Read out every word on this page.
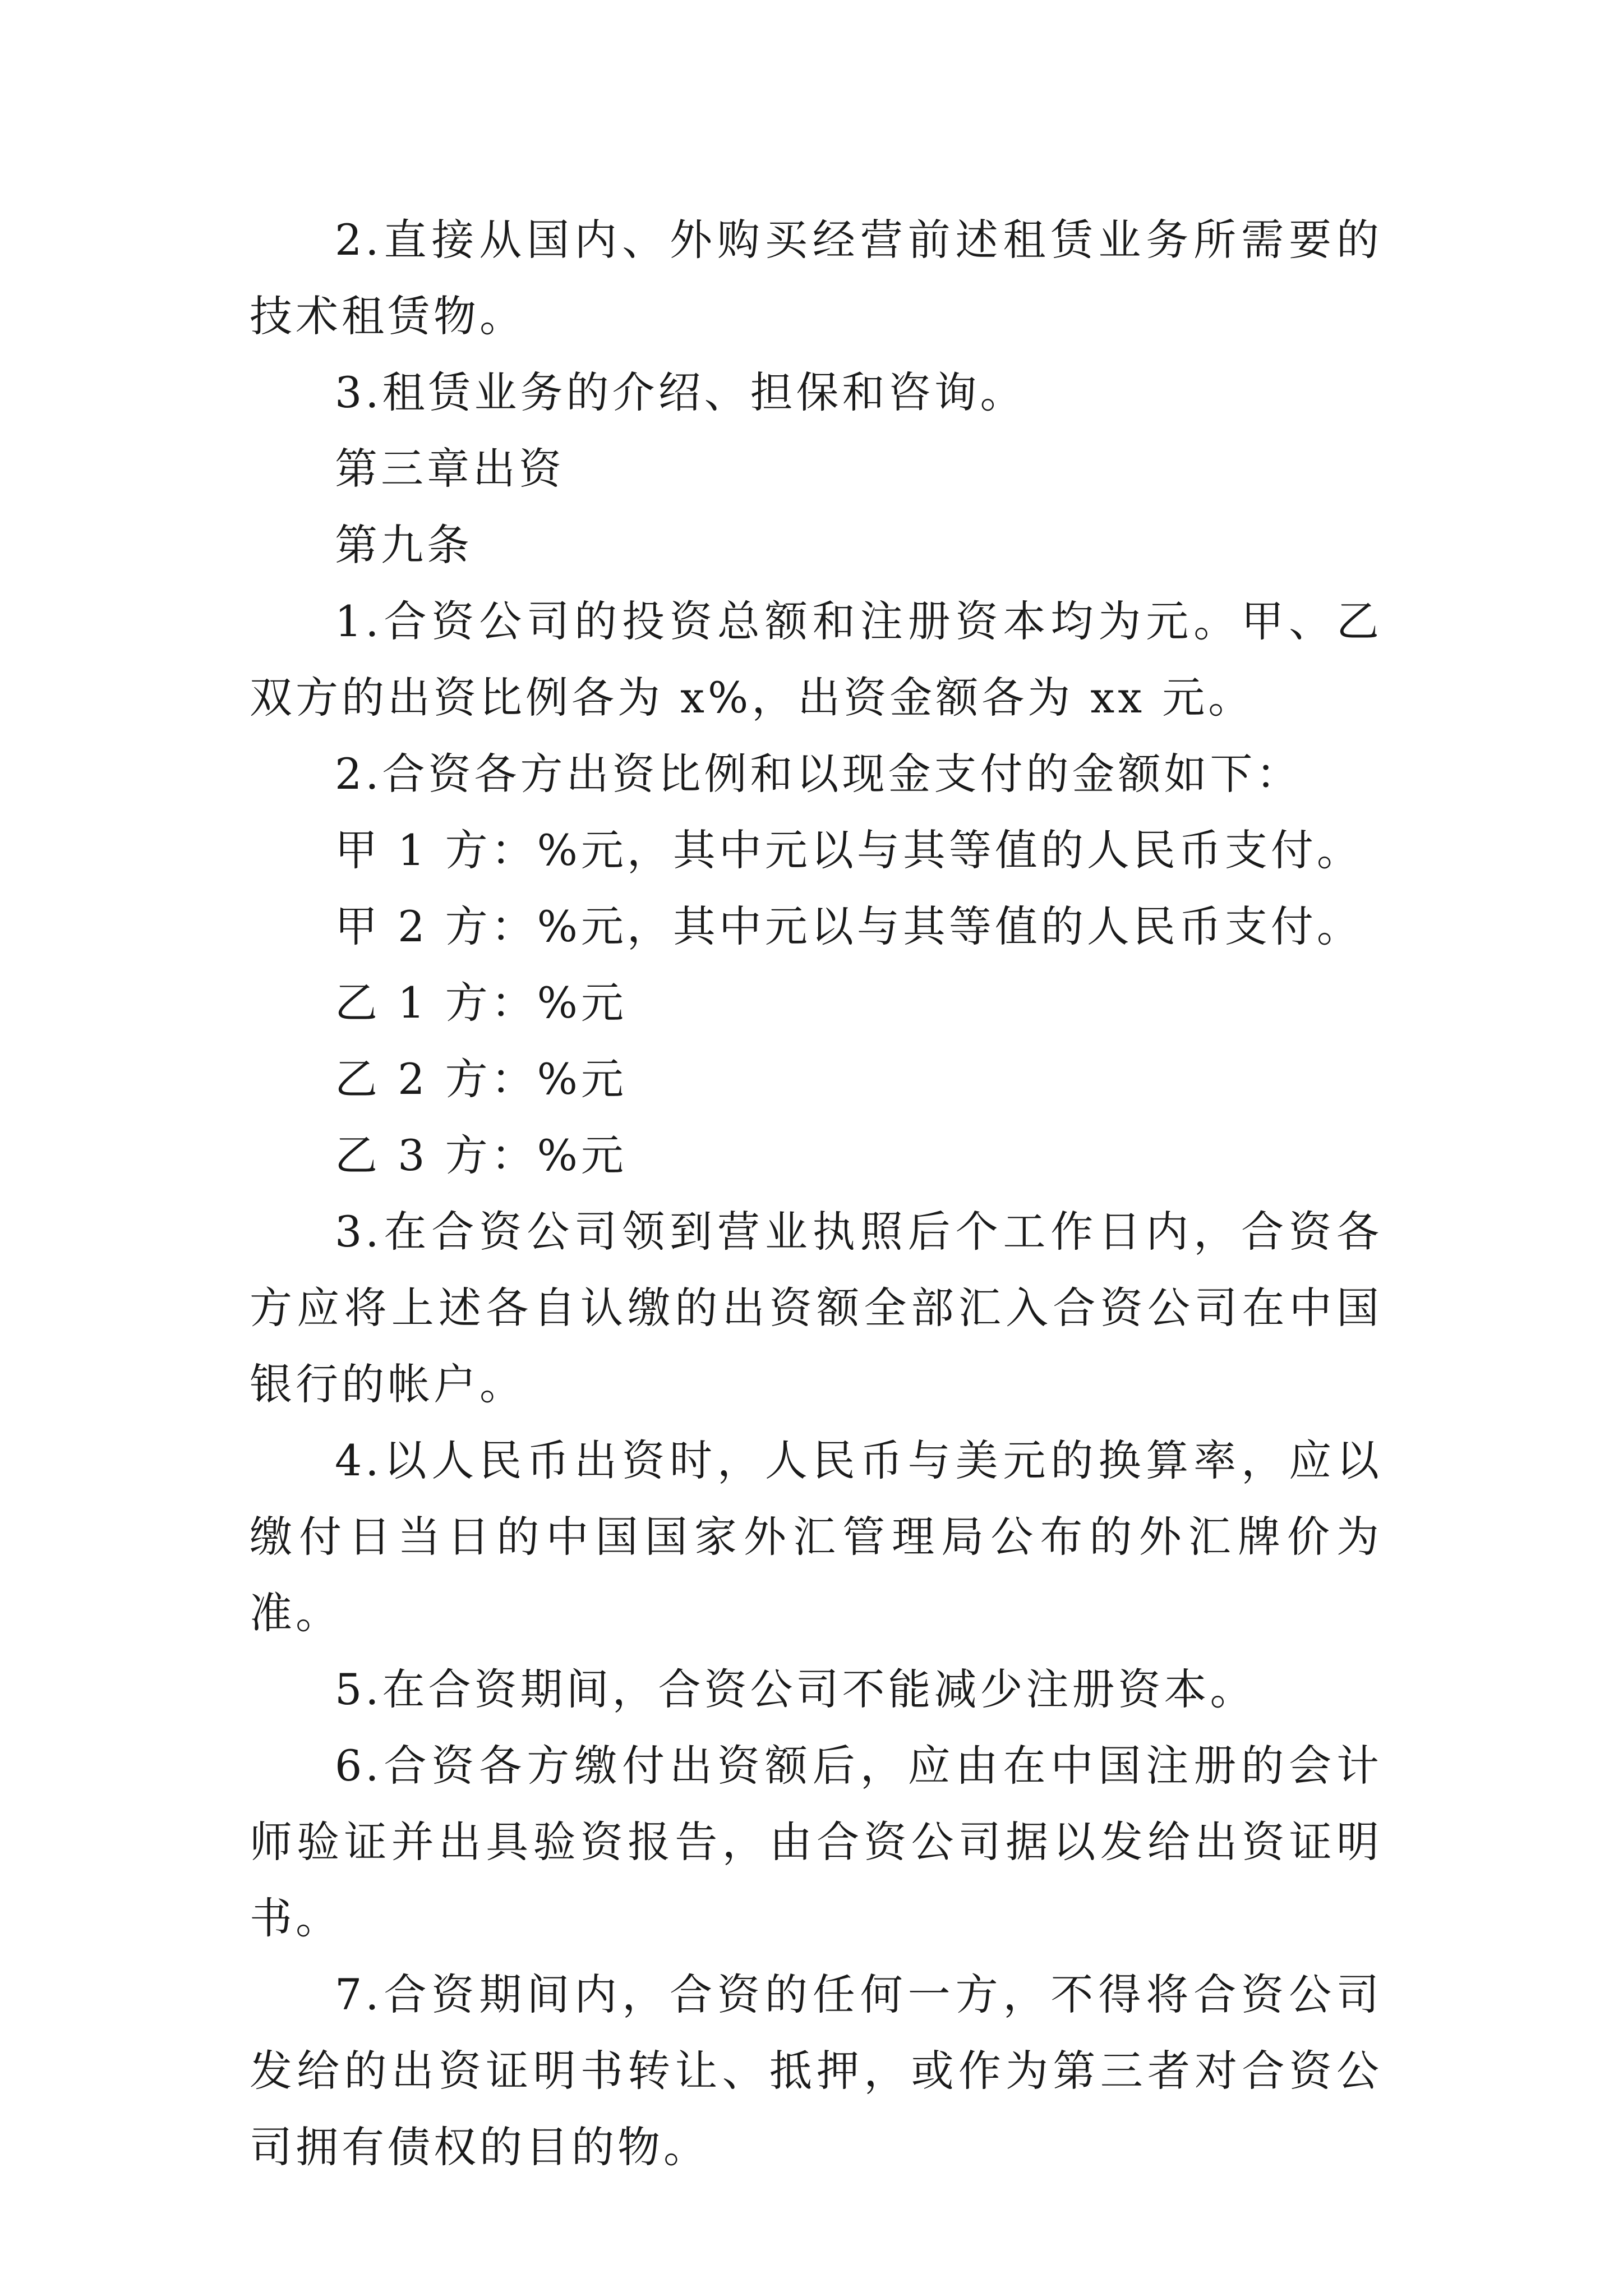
2.直接从国内、外购买经营前述租赁业务所需要的技术租赁物。

3.租赁业务的介绍、担保和咨询。

第三章出资

第九条

1.合资公司的投资总额和注册资本均为元。甲、乙双方的出资比例各为 x%，出资金额各为 xx 元。

2.合资各方出资比例和以现金支付的金额如下：

甲 1 方：%元，其中元以与其等值的人民币支付。

甲 2 方：%元，其中元以与其等值的人民币支付。

乙 1 方：%元

乙 2 方：%元

乙 3 方：%元

3.在合资公司领到营业执照后个工作日内，合资各方应将上述各自认缴的出资额全部汇入合资公司在中国银行的帐户。

4.以人民币出资时，人民币与美元的换算率，应以缴付日当日的中国国家外汇管理局公布的外汇牌价为准。

5.在合资期间，合资公司不能减少注册资本。

6.合资各方缴付出资额后，应由在中国注册的会计师验证并出具验资报告，由合资公司据以发给出资证明书。

7.合资期间内，合资的任何一方，不得将合资公司发给的出资证明书转让、抵押，或作为第三者对合资公司拥有债权的目的物。
